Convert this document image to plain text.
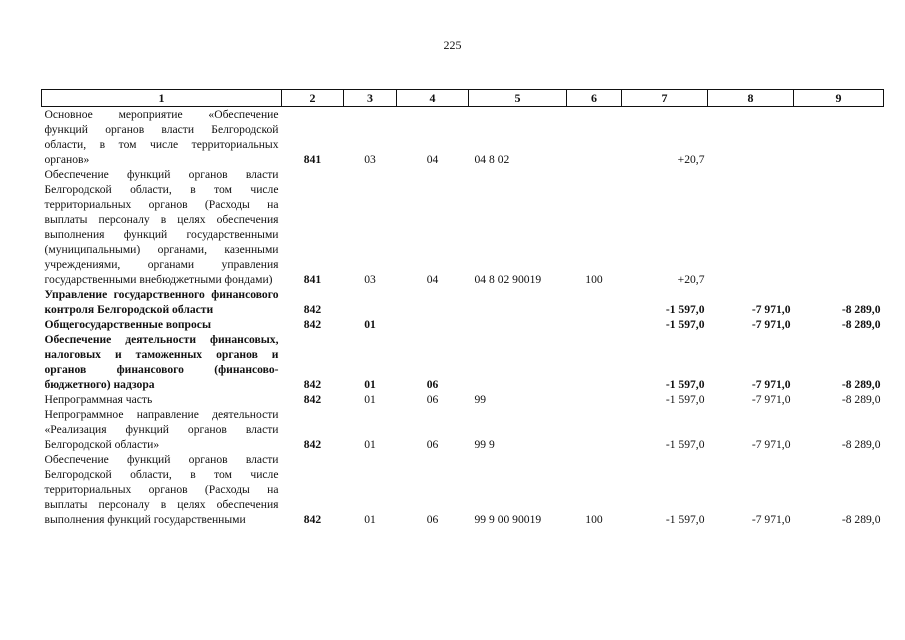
225
1	2	3	4	5	6	7	8	9
Основное мероприятие «Обеспечение функций органов власти Белгородской области, в том числе территориальных органов»	841	03	04	04 8 02		+20,7		
Обеспечение функций органов власти Белгородской области, в том числе территориальных органов (Расходы на выплаты персоналу в целях обеспечения выполнения функций государственными (муниципальными) органами, казенными учреждениями, органами управления государственными внебюджетными фондами)	841	03	04	04 8 02 90019	100	+20,7		
Управление государственного финансового контроля Белгородской области	842					-1 597,0	-7 971,0	-8 289,0
Общегосударственные вопросы	842	01				-1 597,0	-7 971,0	-8 289,0
Обеспечение деятельности финансовых, налоговых и таможенных органов и органов финансового (финансово-бюджетного) надзора	842	01	06			-1 597,0	-7 971,0	-8 289,0
Непрограммная часть	842	01	06	99		-1 597,0	-7 971,0	-8 289,0
Непрограммное направление деятельности «Реализация функций органов власти Белгородской области»	842	01	06	99 9		-1 597,0	-7 971,0	-8 289,0
Обеспечение функций органов власти Белгородской области, в том числе территориальных органов (Расходы на выплаты персоналу в целях обеспечения выполнения функций государственными	842	01	06	99 9 00 90019	100	-1 597,0	-7 971,0	-8 289,0
